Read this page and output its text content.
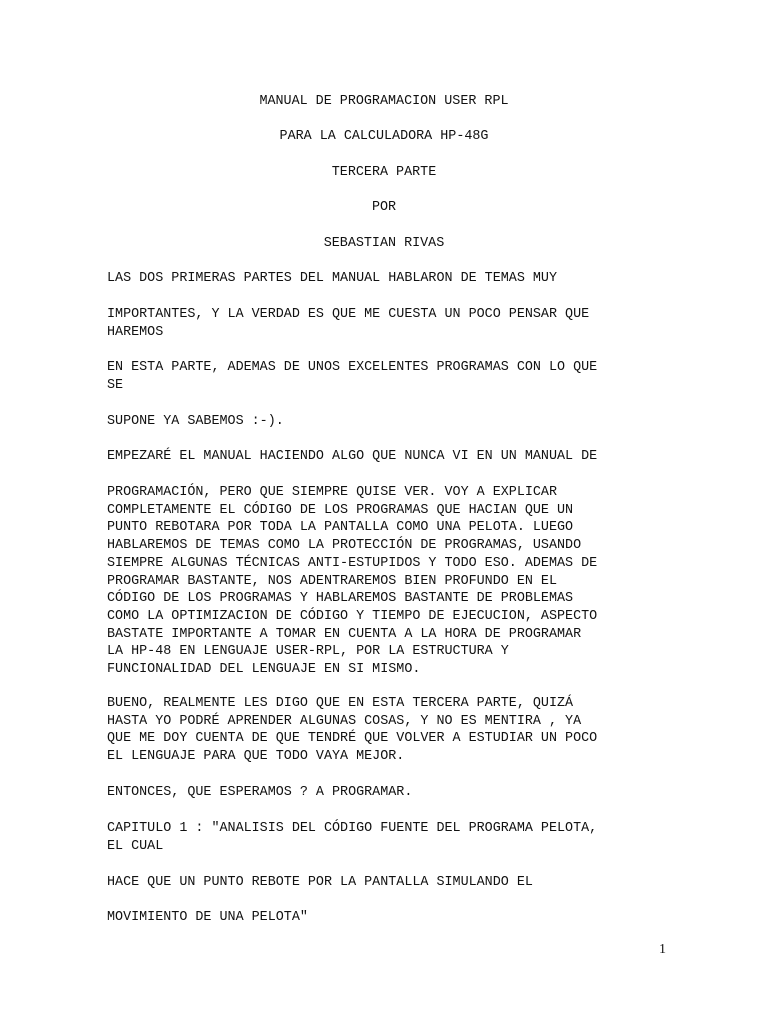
MANUAL DE PROGRAMACION USER RPL

PARA LA CALCULADORA HP-48G

TERCERA PARTE

POR

SEBASTIAN RIVAS

LAS DOS PRIMERAS PARTES DEL MANUAL HABLARON DE TEMAS MUY

IMPORTANTES, Y LA VERDAD ES QUE ME CUESTA UN POCO PENSAR QUE
HAREMOS

EN ESTA PARTE, ADEMAS DE UNOS EXCELENTES PROGRAMAS CON LO QUE
SE

SUPONE YA SABEMOS :-).

EMPEZARÉ EL MANUAL HACIENDO ALGO QUE NUNCA VI EN UN MANUAL DE

PROGRAMACIÓN, PERO QUE SIEMPRE QUISE VER. VOY A EXPLICAR
COMPLETAMENTE EL CÓDIGO DE LOS PROGRAMAS QUE HACIAN QUE UN
PUNTO REBOTARA POR TODA LA PANTALLA COMO UNA PELOTA. LUEGO
HABLAREMOS DE TEMAS COMO LA PROTECCIÓN DE PROGRAMAS, USANDO
SIEMPRE ALGUNAS TÉCNICAS ANTI-ESTUPIDOS Y TODO ESO. ADEMAS DE
PROGRAMAR BASTANTE, NOS ADENTRAREMOS BIEN PROFUNDO EN EL
CÓDIGO DE LOS PROGRAMAS Y HABLAREMOS BASTANTE DE PROBLEMAS
COMO LA OPTIMIZACION DE CÓDIGO Y TIEMPO DE EJECUCION, ASPECTO
BASTATE IMPORTANTE A TOMAR EN CUENTA A LA HORA DE PROGRAMAR
LA HP-48 EN LENGUAJE USER-RPL, POR LA ESTRUCTURA Y
FUNCIONALIDAD DEL LENGUAJE EN SI MISMO.

BUENO, REALMENTE LES DIGO QUE EN ESTA TERCERA PARTE, QUIZÁ
HASTA YO PODRÉ APRENDER ALGUNAS COSAS, Y NO ES MENTIRA , YA
QUE ME DOY CUENTA DE QUE TENDRÉ QUE VOLVER A ESTUDIAR UN POCO
EL LENGUAJE PARA QUE TODO VAYA MEJOR.

ENTONCES, QUE ESPERAMOS ? A PROGRAMAR.

CAPITULO 1 : "ANALISIS DEL CÓDIGO FUENTE DEL PROGRAMA PELOTA,
EL CUAL

HACE QUE UN PUNTO REBOTE POR LA PANTALLA SIMULANDO EL

MOVIMIENTO DE UNA PELOTA"

1
